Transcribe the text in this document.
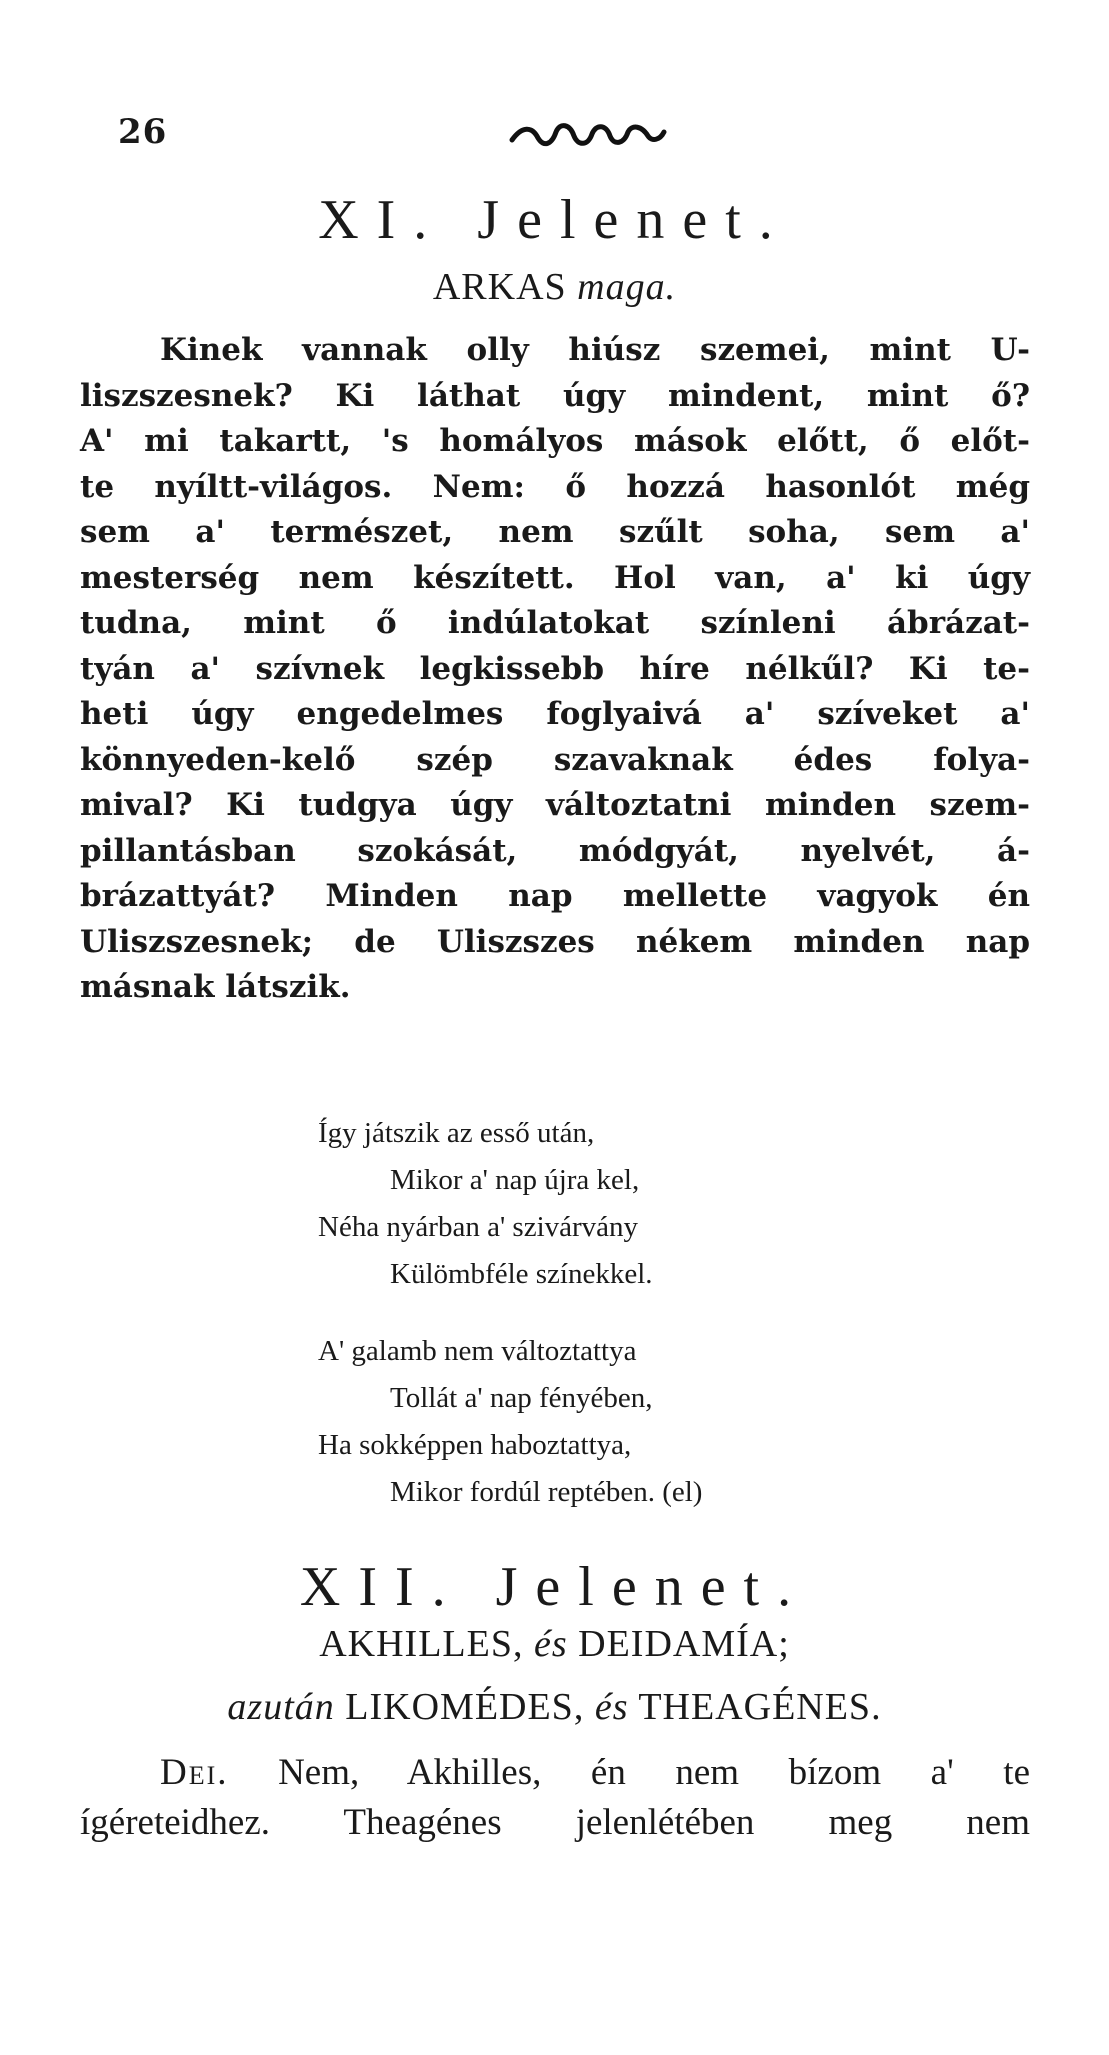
26
XI. Jelenet.
ARKAS maga.
Kinek vannak olly hiúsz szemei, mint U-
liszszesnek? Ki láthat úgy mindent, mint ő?
A' mi takartt, 's homályos mások előtt, ő előt-
te nyíltt-világos. Nem: ő hozzá hasonlót még
sem a' természet, nem szűlt soha, sem a'
mesterség nem készített. Hol van, a' ki úgy
tudna, mint ő indúlatokat színleni ábrázat-
tyán a' szívnek legkissebb híre nélkűl? Ki te-
heti úgy engedelmes foglyaivá a' szíveket a'
könnyeden-kelő szép szavaknak édes folya-
mival? Ki tudgya úgy változtatni minden szem-
pillantásban szokását, módgyát, nyelvét, á-
brázattyát? Minden nap mellette vagyok én
Uliszszesnek; de Uliszszes nékem minden nap
másnak látszik.
Így játszik az esső után,
Mikor a' nap újra kel,
Néha nyárban a' szivárvány
Külömbféle színekkel.
A' galamb nem változtattya
Tollát a' nap fényében,
Ha sokképpen haboztattya,
Mikor fordúl reptében. (el)
XII. Jelenet.
AKHILLES, és DEIDAMÍA;
azután LIKOMÉDES, és THEAGÉNES.
Dei. Nem, Akhilles, én nem bízom a' te
ígéreteidhez. Theagénes jelenlétében meg nem
